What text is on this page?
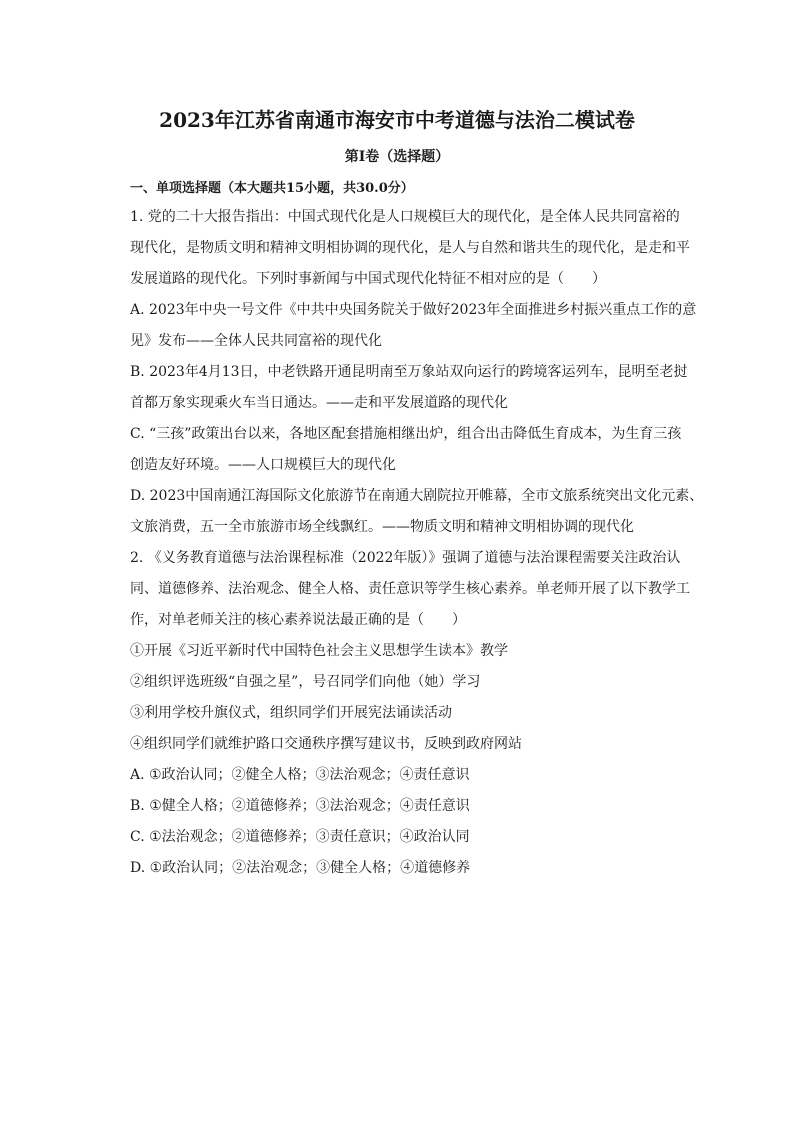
2023年江苏省南通市海安市中考道德与法治二模试卷
第I卷（选择题）
一、单项选择题（本大题共15小题，共30.0分）
1. 党的二十大报告指出：中国式现代化是人口规模巨大的现代化，是全体人民共同富裕的
现代化，是物质文明和精神文明相协调的现代化，是人与自然和谐共生的现代化，是走和平
发展道路的现代化。下列时事新闻与中国式现代化特征不相对应的是（　　）
A. 2023年中央一号文件《中共中央国务院关于做好2023年全面推进乡村振兴重点工作的意
见》发布——全体人民共同富裕的现代化
B. 2023年4月13日，中老铁路开通昆明南至万象站双向运行的跨境客运列车，昆明至老挝
首都万象实现乘火车当日通达。——走和平发展道路的现代化
C. “三孩”政策出台以来，各地区配套措施相继出炉，组合出击降低生育成本，为生育三孩
创造友好环境。——人口规模巨大的现代化
D. 2023中国南通江海国际文化旅游节在南通大剧院拉开帷幕，全市文旅系统突出文化元素、
文旅消费，五一全市旅游市场全线飘红。——物质文明和精神文明相协调的现代化
2. 《义务教育道德与法治课程标准（2022年版）》强调了道德与法治课程需要关注政治认
同、道德修养、法治观念、健全人格、责任意识等学生核心素养。单老师开展了以下教学工
作，对单老师关注的核心素养说法最正确的是（　　）
①开展《习近平新时代中国特色社会主义思想学生读本》教学
②组织评选班级“自强之星”，号召同学们向他（她）学习
③利用学校升旗仪式，组织同学们开展宪法诵读活动
④组织同学们就维护路口交通秩序撰写建议书，反映到政府网站
A. ①政治认同；②健全人格；③法治观念；④责任意识
B. ①健全人格；②道德修养；③法治观念；④责任意识
C. ①法治观念；②道德修养；③责任意识；④政治认同
D. ①政治认同；②法治观念；③健全人格；④道德修养
